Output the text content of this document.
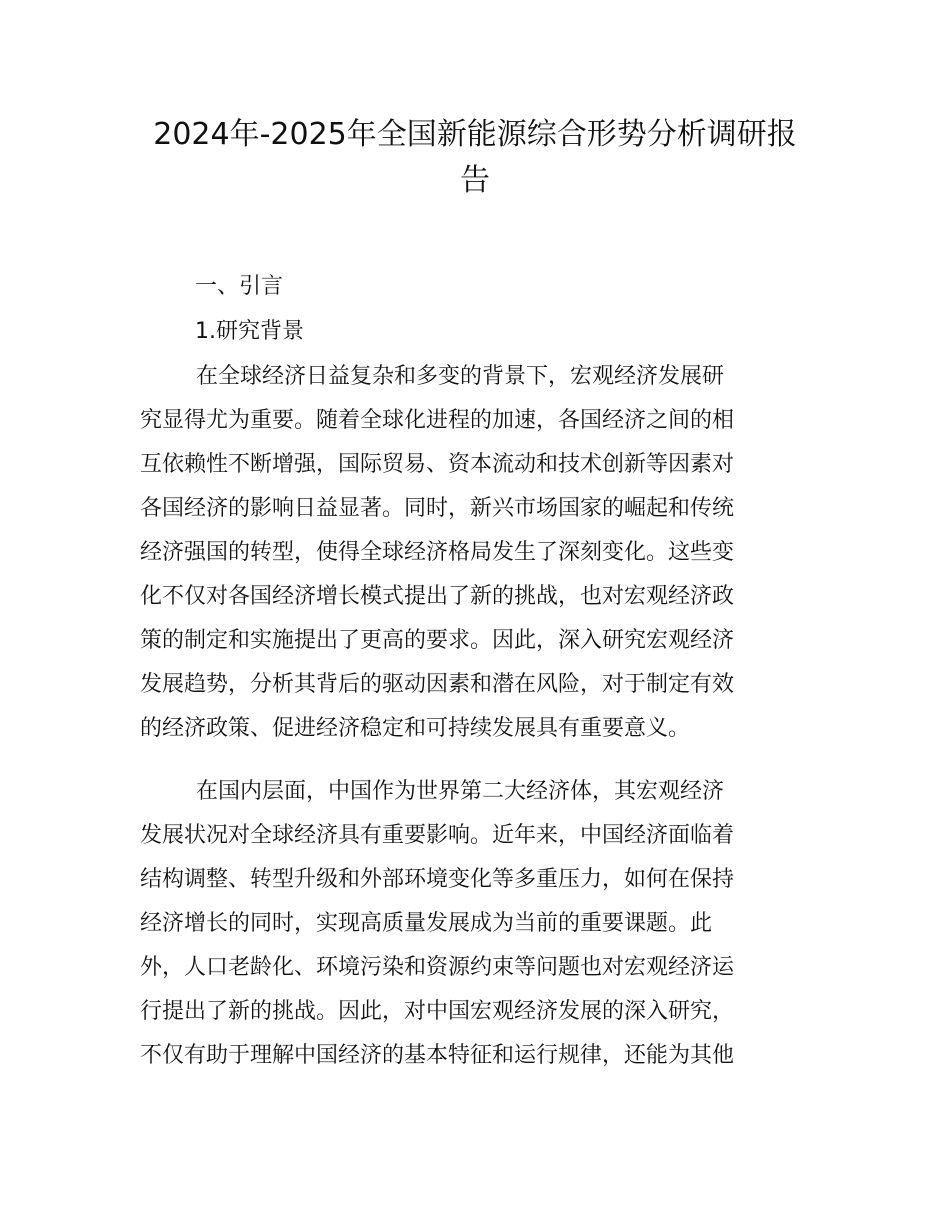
2024年-2025年全国新能源综合形势分析调研报
告
一、引言
1.研究背景
在全球经济日益复杂和多变的背景下，宏观经济发展研
究显得尤为重要。随着全球化进程的加速，各国经济之间的相
互依赖性不断增强，国际贸易、资本流动和技术创新等因素对
各国经济的影响日益显著。同时，新兴市场国家的崛起和传统
经济强国的转型，使得全球经济格局发生了深刻变化。这些变
化不仅对各国经济增长模式提出了新的挑战，也对宏观经济政
策的制定和实施提出了更高的要求。因此，深入研究宏观经济
发展趋势，分析其背后的驱动因素和潜在风险，对于制定有效
的经济政策、促进经济稳定和可持续发展具有重要意义。
在国内层面，中国作为世界第二大经济体，其宏观经济
发展状况对全球经济具有重要影响。近年来，中国经济面临着
结构调整、转型升级和外部环境变化等多重压力，如何在保持
经济增长的同时，实现高质量发展成为当前的重要课题。此
外，人口老龄化、环境污染和资源约束等问题也对宏观经济运
行提出了新的挑战。因此，对中国宏观经济发展的深入研究，
不仅有助于理解中国经济的基本特征和运行规律，还能为其他
